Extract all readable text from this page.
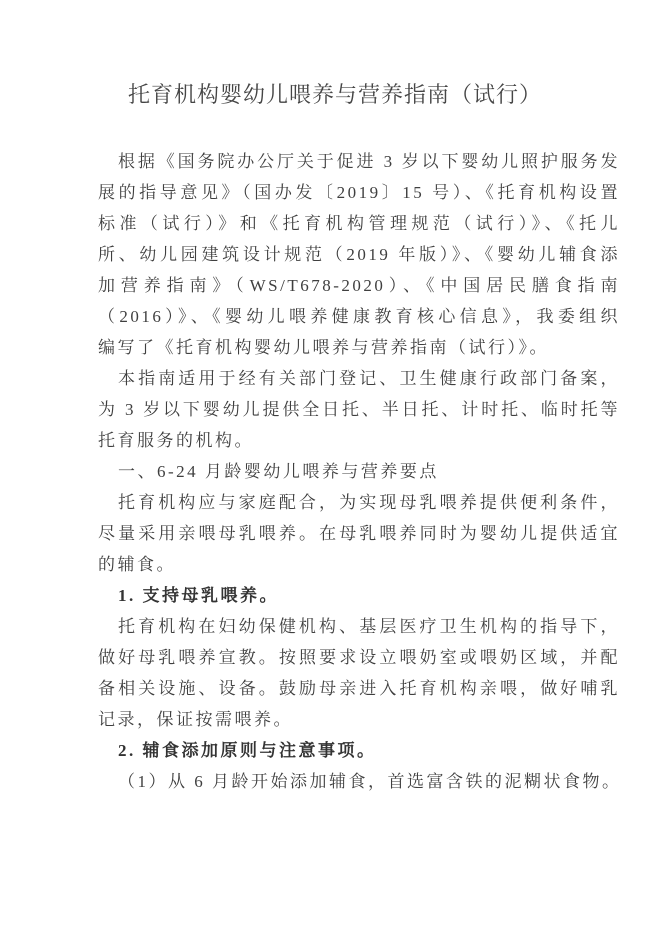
托育机构婴幼儿喂养与营养指南（试行）
根据《国务院办公厅关于促进 3 岁以下婴幼儿照护服务发
展的指导意见》（国办发〔2019〕15 号）、《托育机构设置
标准（试行）》和《托育机构管理规范（试行）》、《托儿
所、幼儿园建筑设计规范（2019 年版）》、《婴幼儿辅食添
加营养指南》（WS/T678-2020）、《中国居民膳食指南
（2016）》、《婴幼儿喂养健康教育核心信息》，我委组织
编写了《托育机构婴幼儿喂养与营养指南（试行）》。
本指南适用于经有关部门登记、卫生健康行政部门备案，
为 3 岁以下婴幼儿提供全日托、半日托、计时托、临时托等
托育服务的机构。
一、6-24 月龄婴幼儿喂养与营养要点
托育机构应与家庭配合，为实现母乳喂养提供便利条件，
尽量采用亲喂母乳喂养。在母乳喂养同时为婴幼儿提供适宜
的辅食。
1. 支持母乳喂养。
托育机构在妇幼保健机构、基层医疗卫生机构的指导下，
做好母乳喂养宣教。按照要求设立喂奶室或喂奶区域，并配
备相关设施、设备。鼓励母亲进入托育机构亲喂，做好哺乳
记录，保证按需喂养。
2. 辅食添加原则与注意事项。
（1）从 6 月龄开始添加辅食，首选富含铁的泥糊状食物。
